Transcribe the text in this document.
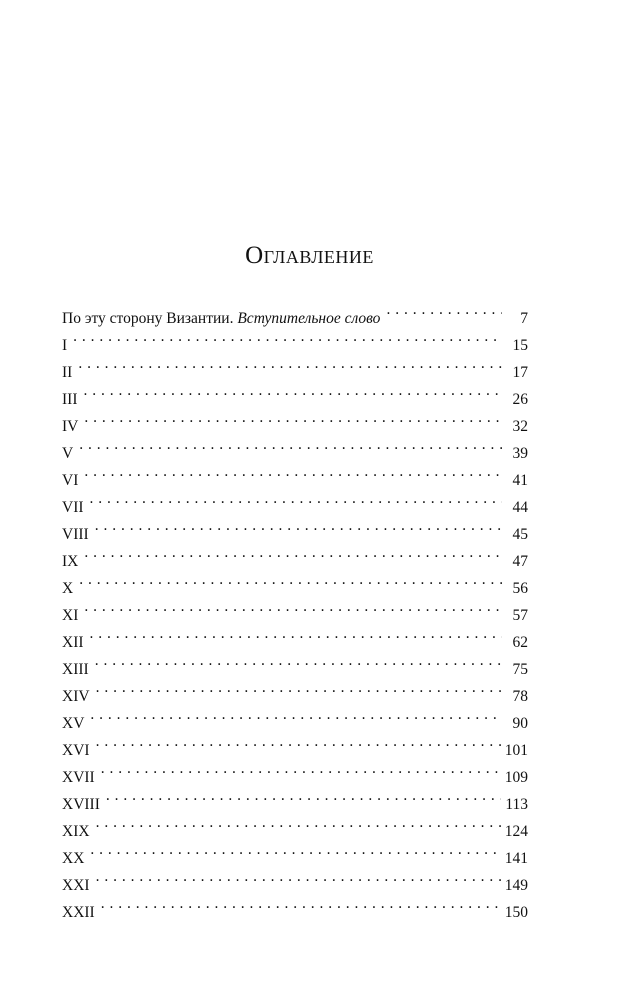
Оглавление
По эту сторону Византии. Вступительное слово . . .	7
I . . .	15
II . . .	17
III . . .	26
IV . . .	32
V . . .	39
VI . . .	41
VII . . .	44
VIII . . .	45
IX . . .	47
X . . .	56
XI . . .	57
XII . . .	62
XIII . . .	75
XIV . . .	78
XV . . .	90
XVI . . .	101
XVII . . .	109
XVIII . . .	113
XIX . . .	124
XX . . .	141
XXI . . .	149
XXII . . .	150
